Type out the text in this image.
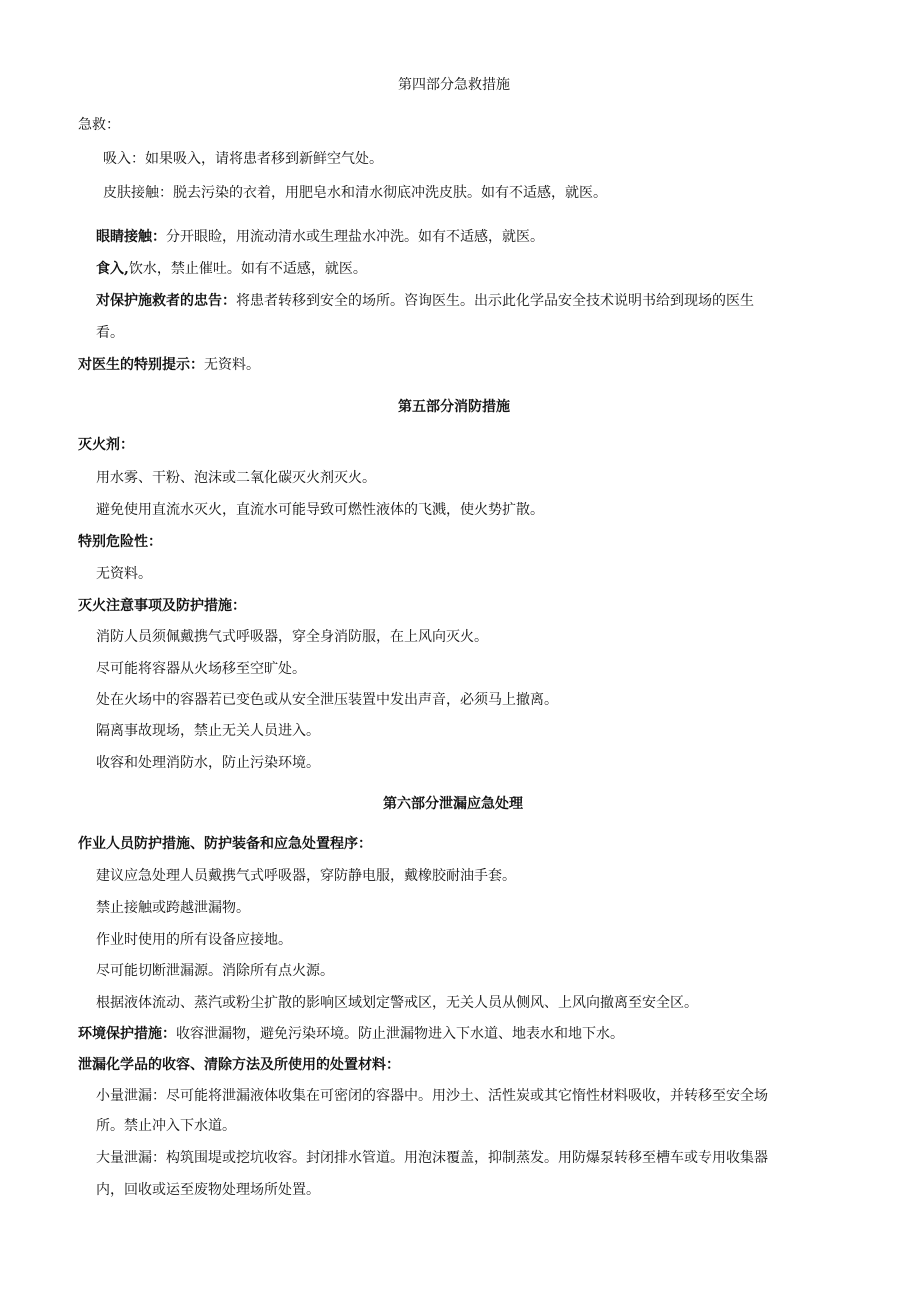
第四部分急救措施
急救：
吸入：如果吸入，请将患者移到新鲜空气处。
皮肤接触：脱去污染的衣着，用肥皂水和清水彻底冲洗皮肤。如有不适感，就医。
眼睛接触：分开眼睑，用流动清水或生理盐水冲洗。如有不适感，就医。
食入,饮水，禁止催吐。如有不适感，就医。
对保护施救者的忠告：将患者转移到安全的场所。咨询医生。出示此化学品安全技术说明书给到现场的医生
看。
对医生的特别提示：无资料。
第五部分消防措施
灭火剂：
用水雾、干粉、泡沫或二氧化碳灭火剂灭火。
避免使用直流水灭火，直流水可能导致可燃性液体的飞溅，使火势扩散。
特别危险性：
无资料。
灭火注意事项及防护措施：
消防人员须佩戴携气式呼吸器，穿全身消防服，在上风向灭火。
尽可能将容器从火场移至空旷处。
处在火场中的容器若已变色或从安全泄压装置中发出声音，必须马上撤离。
隔离事故现场，禁止无关人员进入。
收容和处理消防水，防止污染环境。
第六部分泄漏应急处理
作业人员防护措施、防护装备和应急处置程序：
建议应急处理人员戴携气式呼吸器，穿防静电服，戴橡胶耐油手套。
禁止接触或跨越泄漏物。
作业时使用的所有设备应接地。
尽可能切断泄漏源。消除所有点火源。
根据液体流动、蒸汽或粉尘扩散的影响区域划定警戒区，无关人员从侧风、上风向撤离至安全区。
环境保护措施：收容泄漏物，避免污染环境。防止泄漏物进入下水道、地表水和地下水。
泄漏化学品的收容、清除方法及所使用的处置材料：
小量泄漏：尽可能将泄漏液体收集在可密闭的容器中。用沙土、活性炭或其它惰性材料吸收，并转移至安全场
所。禁止冲入下水道。
大量泄漏：构筑围堤或挖坑收容。封闭排水管道。用泡沫覆盖，抑制蒸发。用防爆泵转移至槽车或专用收集器
内，回收或运至废物处理场所处置。
